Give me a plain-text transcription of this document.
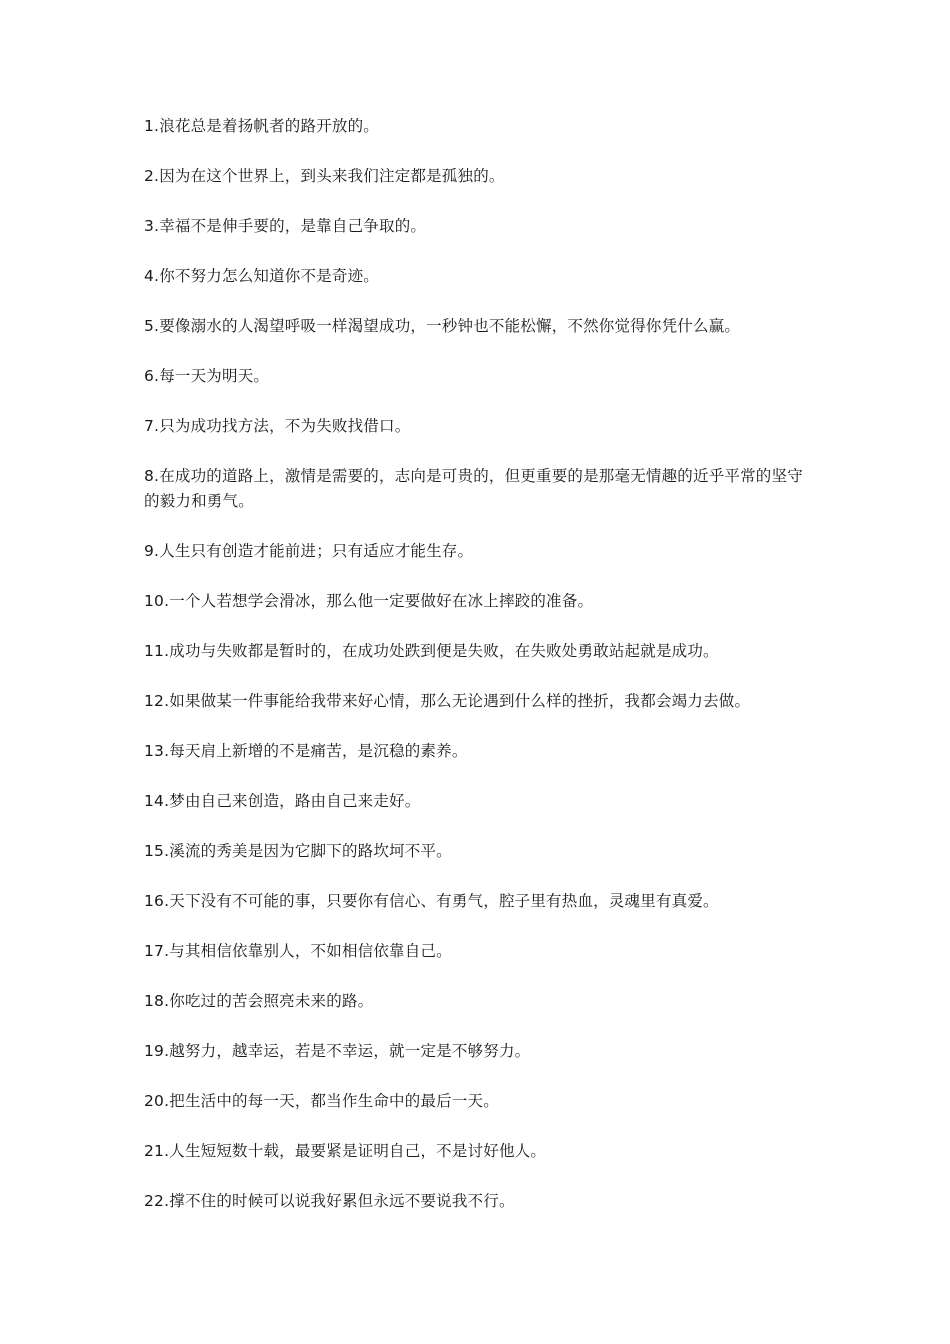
1.浪花总是着扬帆者的路开放的。
2.因为在这个世界上，到头来我们注定都是孤独的。
3.幸福不是伸手要的，是靠自己争取的。
4.你不努力怎么知道你不是奇迹。
5.要像溺水的人渴望呼吸一样渴望成功，一秒钟也不能松懈，不然你觉得你凭什么赢。
6.每一天为明天。
7.只为成功找方法，不为失败找借口。
8.在成功的道路上，激情是需要的，志向是可贵的，但更重要的是那毫无情趣的近乎平常的坚守的毅力和勇气。
9.人生只有创造才能前进；只有适应才能生存。
10.一个人若想学会滑冰，那么他一定要做好在冰上摔跤的准备。
11.成功与失败都是暂时的，在成功处跌到便是失败，在失败处勇敢站起就是成功。
12.如果做某一件事能给我带来好心情，那么无论遇到什么样的挫折，我都会竭力去做。
13.每天肩上新增的不是痛苦，是沉稳的素养。
14.梦由自己来创造，路由自己来走好。
15.溪流的秀美是因为它脚下的路坎坷不平。
16.天下没有不可能的事，只要你有信心、有勇气，腔子里有热血，灵魂里有真爱。
17.与其相信依靠别人，不如相信依靠自己。
18.你吃过的苦会照亮未来的路。
19.越努力，越幸运，若是不幸运，就一定是不够努力。
20.把生活中的每一天，都当作生命中的最后一天。
21.人生短短数十载，最要紧是证明自己，不是讨好他人。
22.撑不住的时候可以说我好累但永远不要说我不行。
